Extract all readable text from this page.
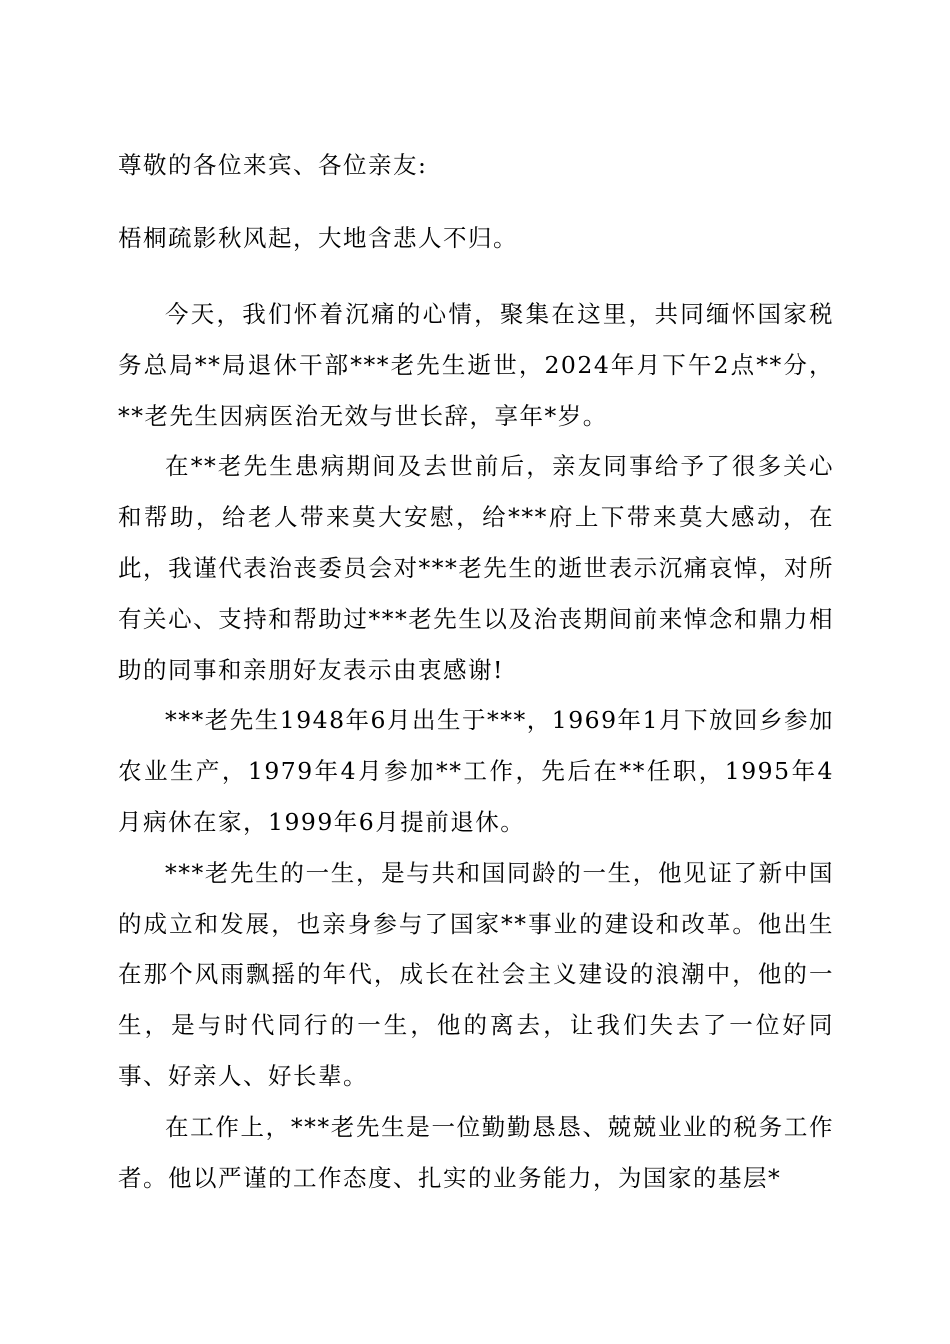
尊敬的各位来宾、各位亲友:

梧桐疏影秋风起，大地含悲人不归。

今天，我们怀着沉痛的心情，聚集在这里，共同缅怀国家税务总局**局退休干部***老先生逝世，2024年月下午2点**分，**老先生因病医治无效与世长辞，享年*岁。

在**老先生患病期间及去世前后，亲友同事给予了很多关心和帮助，给老人带来莫大安慰，给***府上下带来莫大感动，在此，我谨代表治丧委员会对***老先生的逝世表示沉痛哀悼，对所有关心、支持和帮助过***老先生以及治丧期间前来悼念和鼎力相助的同事和亲朋好友表示由衷感谢!

***老先生1948年6月出生于***，1969年1月下放回乡参加农业生产，1979年4月参加**工作，先后在**任职，1995年4月病休在家，1999年6月提前退休。

***老先生的一生，是与共和国同龄的一生，他见证了新中国的成立和发展，也亲身参与了国家**事业的建设和改革。他出生在那个风雨飘摇的年代，成长在社会主义建设的浪潮中，他的一生，是与时代同行的一生，他的离去，让我们失去了一位好同事、好亲人、好长辈。

在工作上，***老先生是一位勤勤恳恳、兢兢业业的税务工作者。他以严谨的工作态度、扎实的业务能力，为国家的基层*
